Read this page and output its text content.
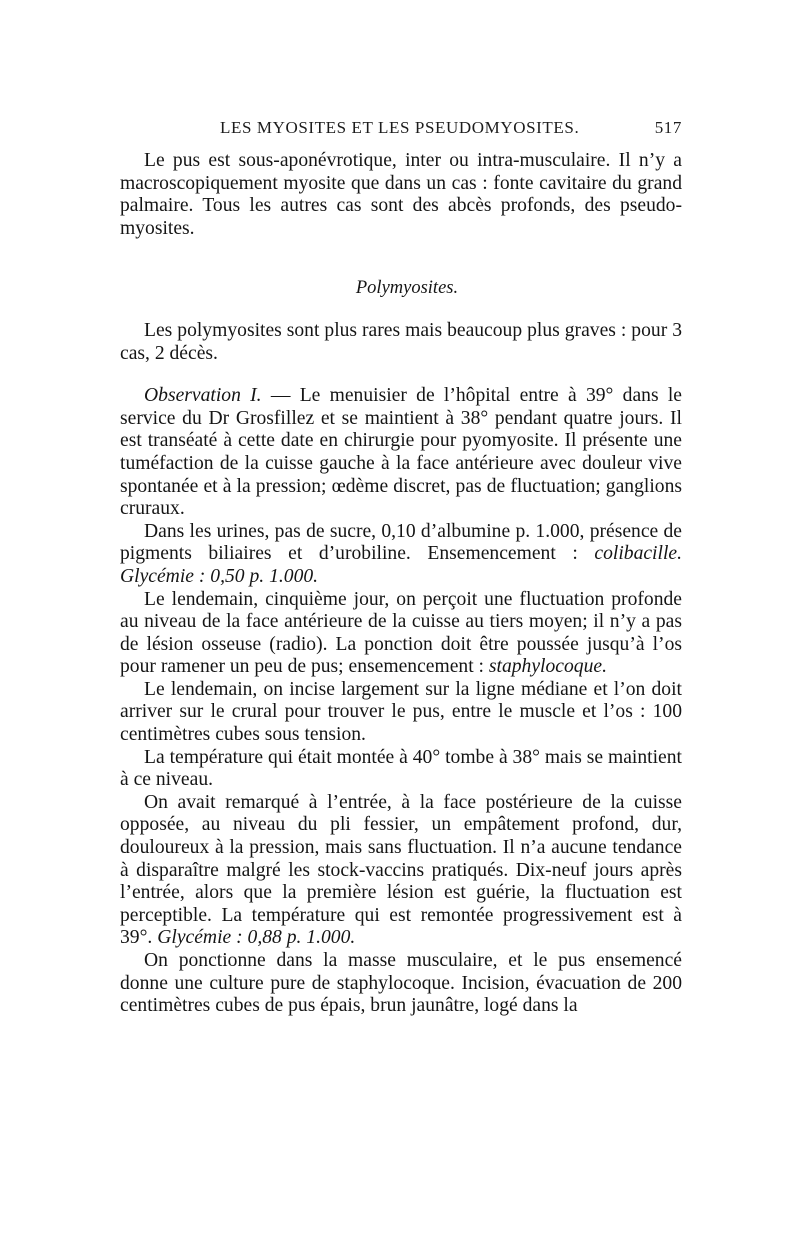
LES MYOSITES ET LES PSEUDOMYOSITES.	517

Le pus est sous-aponévrotique, inter ou intra-musculaire. Il n’y a macroscopiquement myosite que dans un cas : fonte cavitaire du grand palmaire. Tous les autres cas sont des abcès profonds, des pseudo-myosites.

Polymyosites.

Les polymyosites sont plus rares mais beaucoup plus graves : pour 3 cas, 2 décès.

Observation I. — Le menuisier de l’hôpital entre à 39° dans le service du Dr Grosfillez et se maintient à 38° pendant quatre jours. Il est transéaté à cette date en chirurgie pour pyomyosite. Il présente une tuméfaction de la cuisse gauche à la face antérieure avec douleur vive spontanée et à la pression; œdème discret, pas de fluctuation; ganglions cruraux.

Dans les urines, pas de sucre, 0,10 d’albumine p. 1.000, présence de pigments biliaires et d’urobiline. Ensemencement : colibacille. Glycémie : 0,50 p. 1.000.

Le lendemain, cinquième jour, on perçoit une fluctuation profonde au niveau de la face antérieure de la cuisse au tiers moyen; il n’y a pas de lésion osseuse (radio). La ponction doit être poussée jusqu’à l’os pour ramener un peu de pus; ensemencement : staphylocoque.

Le lendemain, on incise largement sur la ligne médiane et l’on doit arriver sur le crural pour trouver le pus, entre le muscle et l’os : 100 centimètres cubes sous tension.

La température qui était montée à 40° tombe à 38° mais se maintient à ce niveau.

On avait remarqué à l’entrée, à la face postérieure de la cuisse opposée, au niveau du pli fessier, un empâtement profond, dur, douloureux à la pression, mais sans fluctuation. Il n’a aucune tendance à disparaître malgré les stock-vaccins pratiqués. Dix-neuf jours après l’entrée, alors que la première lésion est guérie, la fluctuation est perceptible. La température qui est remontée progressivement est à 39°. Glycémie : 0,88 p. 1.000.

On ponctionne dans la masse musculaire, et le pus ensemencé donne une culture pure de staphylocoque. Incision, évacuation de 200 centimètres cubes de pus épais, brun jaunâtre, logé dans la
